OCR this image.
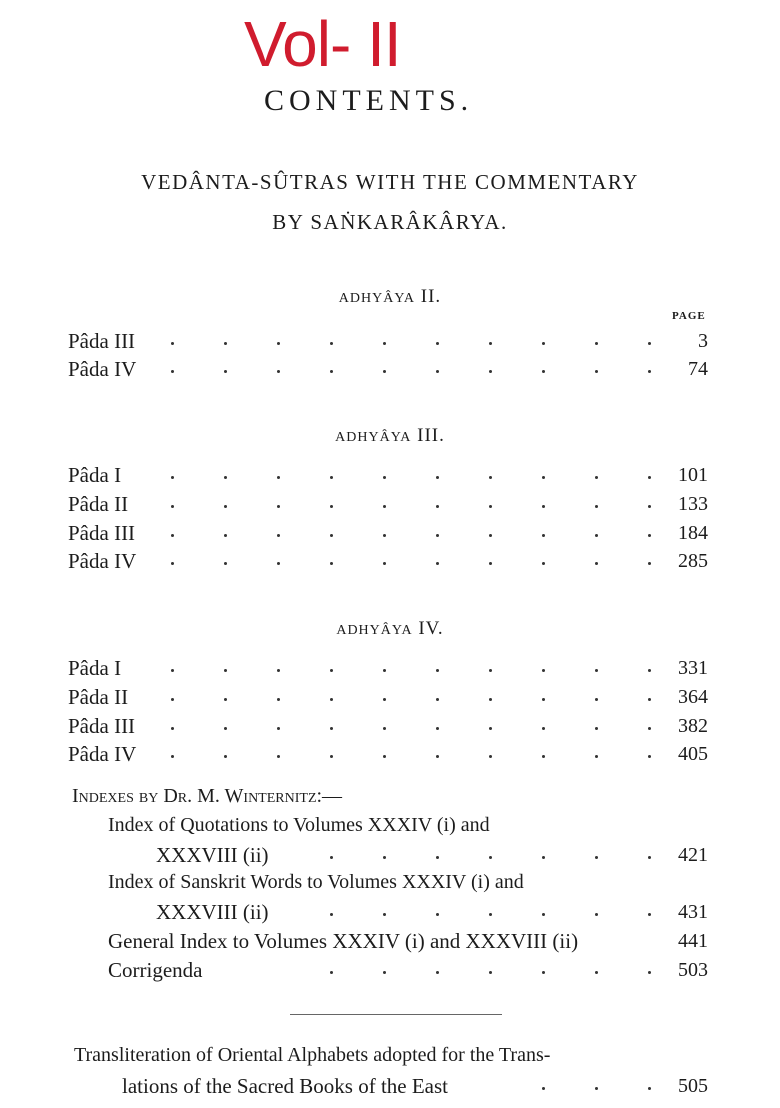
Vol- II
CONTENTS.
VEDÂNTA-SÛTRAS WITH THE COMMENTARY
BY SAṄKARÂKÂRYA.
ADHYÂYA II.
PAGE
Pâda III	3
Pâda IV	74
ADHYÂYA III.
Pâda I	101
Pâda II	133
Pâda III	184
Pâda IV	285
ADHYÂYA IV.
Pâda I	331
Pâda II	364
Pâda III	382
Pâda IV	405
Indexes by Dr. M. Winternitz:—
Index of Quotations to Volumes XXXIV (i) and
XXXVIII (ii)	421
Index of Sanskrit Words to Volumes XXXIV (i) and
XXXVIII (ii)	431
General Index to Volumes XXXIV (i) and XXXVIII (ii)	441
Corrigenda	503
Transliteration of Oriental Alphabets adopted for the Trans-
lations of the Sacred Books of the East	505
